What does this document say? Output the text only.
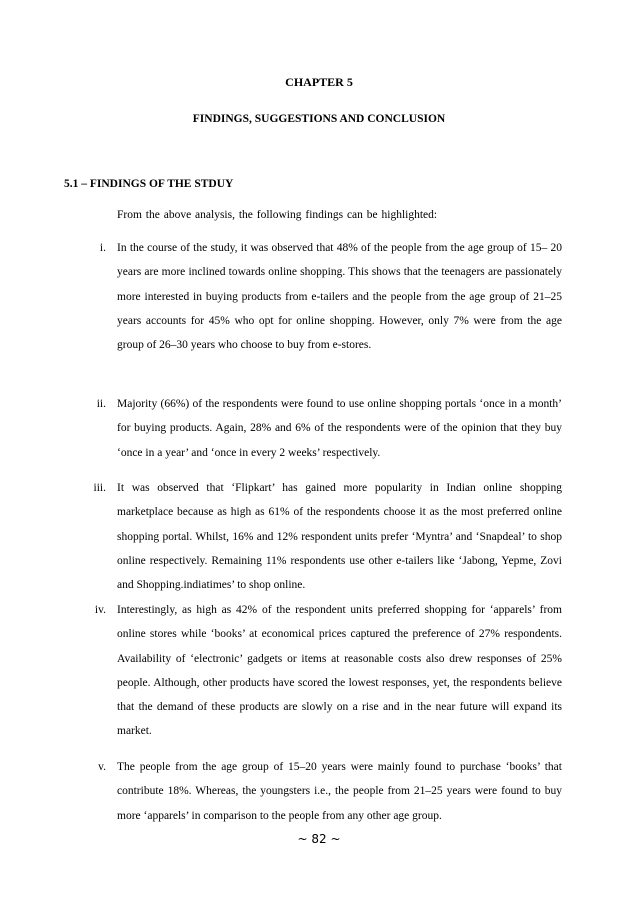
CHAPTER 5
FINDINGS, SUGGESTIONS AND CONCLUSION
5.1 – FINDINGS OF THE STDUY
From the above analysis, the following findings can be highlighted:
i. In the course of the study, it was observed that 48% of the people from the age group of 15– 20 years are more inclined towards online shopping. This shows that the teenagers are passionately more interested in buying products from e-tailers and the people from the age group of 21–25 years accounts for 45% who opt for online shopping. However, only 7% were from the age group of 26–30 years who choose to buy from e-stores.
ii. Majority (66%) of the respondents were found to use online shopping portals ‘once in a month’ for buying products. Again, 28% and 6% of the respondents were of the opinion that they buy ‘once in a year’ and ‘once in every 2 weeks’ respectively.
iii. It was observed that ‘Flipkart’ has gained more popularity in Indian online shopping marketplace because as high as 61% of the respondents choose it as the most preferred online shopping portal. Whilst, 16% and 12% respondent units prefer ‘Myntra’ and ‘Snapdeal’ to shop online respectively. Remaining 11% respondents use other e-tailers like ‘Jabong, Yepme, Zovi and Shopping.indiatimes’ to shop online.
iv. Interestingly, as high as 42% of the respondent units preferred shopping for ‘apparels’ from online stores while ‘books’ at economical prices captured the preference of 27% respondents. Availability of ‘electronic’ gadgets or items at reasonable costs also drew responses of 25% people. Although, other products have scored the lowest responses, yet, the respondents believe that the demand of these products are slowly on a rise and in the near future will expand its market.
v. The people from the age group of 15–20 years were mainly found to purchase ‘books’ that contribute 18%. Whereas, the youngsters i.e., the people from 21–25 years were found to buy more ‘apparels’ in comparison to the people from any other age group.
~ 82 ~
